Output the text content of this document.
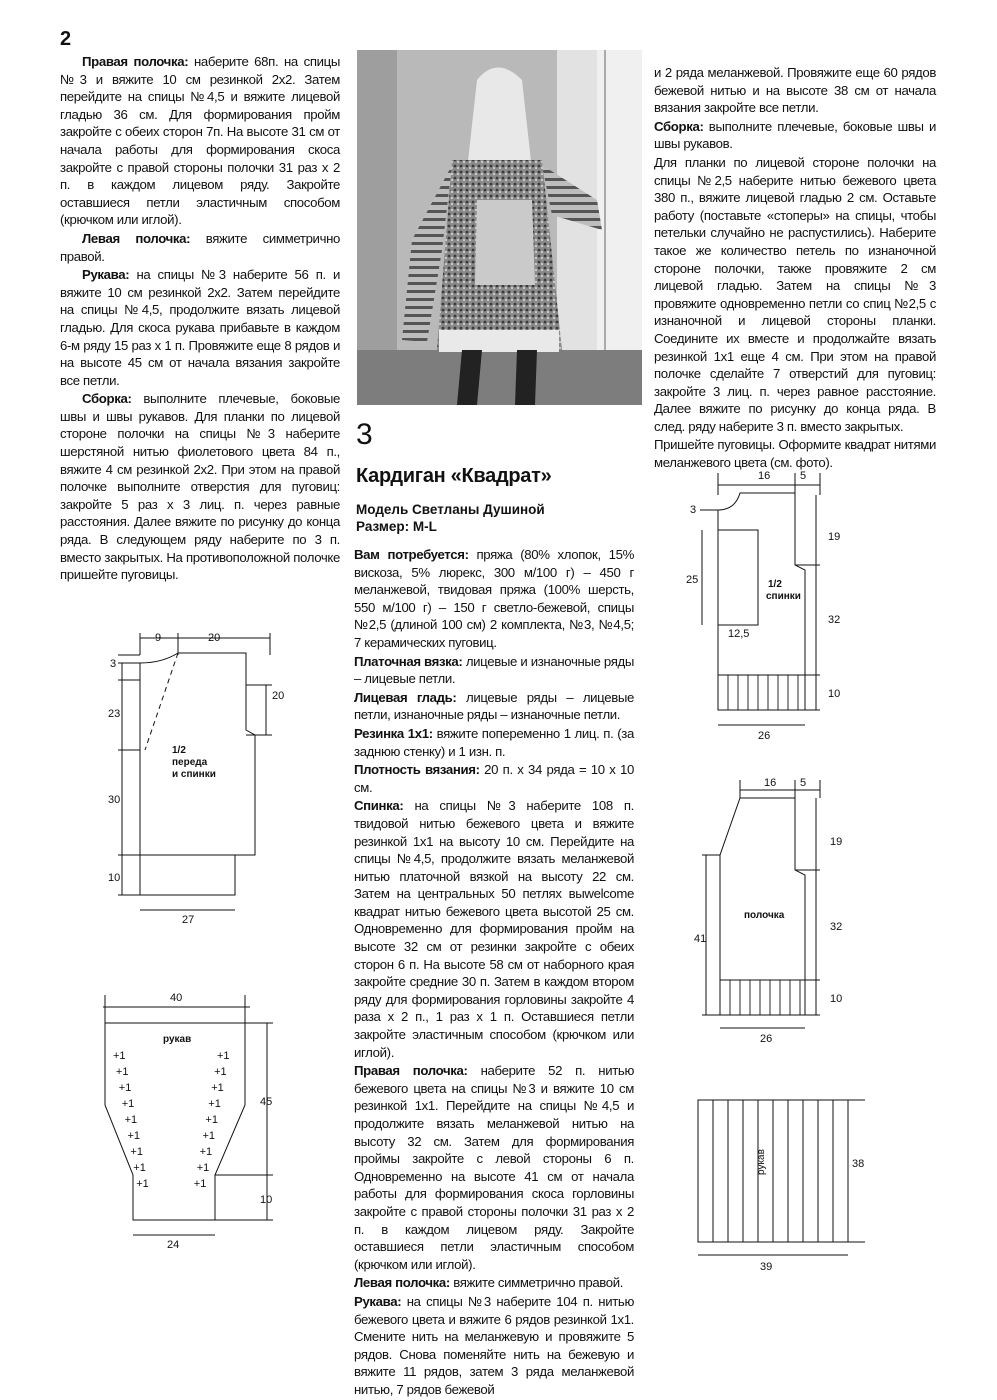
2

Правая полочка: наберите 68п. на спицы №3 и вяжите 10 см резинкой 2х2. Затем перейдите на спицы №4,5 и вяжите лицевой гладью 36 см. Для формирования пройм закройте с обеих сторон 7п. На высоте 31 см от начала работы для формирования скоса закройте с правой стороны полочки 31 раз х 2 п. в каждом лицевом ряду. Закройте оставшиеся петли эластичным способом (крючком или иглой).

Левая полочка: вяжите симметрично правой.

Рукава: на спицы №3 наберите 56 п. и вяжите 10 см резинкой 2х2. Затем перейдите на спицы №4,5, продолжите вязать лицевой гладью. Для скоса рукава прибавьте в каждом 6-м ряду 15 раз х 1 п. Провяжите еще 8 рядов и на высоте 45 см от начала вязания закройте все петли.

Сборка: выполните плечевые, боковые швы и швы рукавов. Для планки по лицевой стороне полочки на спицы №3 наберите шерстяной нитью фиолетового цвета 84 п., вяжите 4 см резинкой 2х2. При этом на правой полочке выполните отверстия для пуговиц: закройте 5 раз х 3 лиц. п. через равные расстояния. Далее вяжите по рисунку до конца ряда. В следующем ряду наберите по 3 п. вместо закрытых. На противоположной полочке пришейте пуговицы.

3
Кардиган «Квадрат»
Модель Светланы Душиной
Размер: M-L

Вам потребуется: пряжа (80% хлопок, 15% вискоза, 5% люрекс, 300 м/100 г) – 450 г меланжевой, твидовая пряжа (100% шерсть, 550 м/100 г) – 150 г светло-бежевой, спицы №2,5 (длиной 100 см) 2 комплекта, №3, №4,5; 7 керамических пуговиц.

Платочная вязка: лицевые и изнаночные ряды – лицевые петли.

Лицевая гладь: лицевые ряды – лицевые петли, изнаночные ряды – изнаночные петли.

Резинка 1х1: вяжите попеременно 1 лиц. п. (за заднюю стенку) и 1 изн. п.

Плотность вязания: 20 п. х 34 ряда = 10 х 10 см.

Спинка: на спицы №3 наберите 108 п. твидовой нитью бежевого цвета и вяжите резинкой 1х1 на высоту 10 см. Перейдите на спицы №4,5, продолжите вязать меланжевой нитью платочной вязкой на высоту 22 см. Затем на центральных 50 петлях выwelcome квадрат нитью бежевого цвета высотой 25 см. Одновременно для формирования пройм на высоте 32 см от резинки закройте с обеих сторон 6 п. На высоте 58 см от наборного края закройте средние 30 п. Затем в каждом втором ряду для формирования горловины закройте 4 раза х 2 п., 1 раз х 1 п. Оставшиеся петли закройте эластичным способом (крючком или иглой).

Правая полочка: наберите 52 п. нитью бежевого цвета на спицы №3 и вяжите 10 см резинкой 1х1. Перейдите на спицы №4,5 и продолжите вязать меланжевой нитью на высоту 32 см. Затем для формирования проймы закройте с левой стороны 6 п. Одновременно на высоте 41 см от начала работы для формирования скоса горловины закройте с правой стороны полочки 31 раз х 2 п. в каждом лицевом ряду. Закройте оставшиеся петли эластичным способом (крючком или иглой).

Левая полочка: вяжите симметрично правой.

Рукава: на спицы №3 наберите 104 п. нитью бежевого цвета и вяжите 6 рядов резинкой 1х1. Смените нить на меланжевую и провяжите 5 рядов. Снова поменяйте нить на бежевую и вяжите 11 рядов, затем 3 ряда меланжевой нитью, 7 рядов бежевой

и 2 ряда меланжевой. Провяжите еще 60 рядов бежевой нитью и на высоте 38 см от начала вязания закройте все петли.

Сборка: выполните плечевые, боковые швы и швы рукавов.

Для планки по лицевой стороне полочки на спицы №2,5 наберите нитью бежевого цвета 380 п., вяжите лицевой гладью 2 см. Оставьте работу (поставьте «стоперы» на спицы, чтобы петельки случайно не распустились). Наберите такое же количество петель по изнаночной стороне полочки, также провяжите 2 см лицевой гладью. Затем на спицы №3 провяжите одновременно петли со спиц №2,5 с изнаночной и лицевой стороны планки. Соедините их вместе и продолжайте вязать резинкой 1х1 еще 4 см. При этом на правой полочке сделайте 7 отверстий для пуговиц: закройте 3 лиц. п. через равное расстояние. Далее вяжите по рисунку до конца ряда. В след. ряду наберите 3 п. вместо закрытых.

Пришейте пуговицы. Оформите квадрат нитями меланжевого цвета (см. фото).

9	20
3
20
23
30
10
27
1/2
переда
и спинки
40
рукав
45
10
24
+1
+1
+1
+1
+1
+1
+1
+1
+1
+1
+1
+1
+1
+1
+1
+1
+1
+1
16	5
3
19
25
12,5
32
10
26
1/2
спинки
16 5
19
41
32
10
26
полочка
38
39
рукав
